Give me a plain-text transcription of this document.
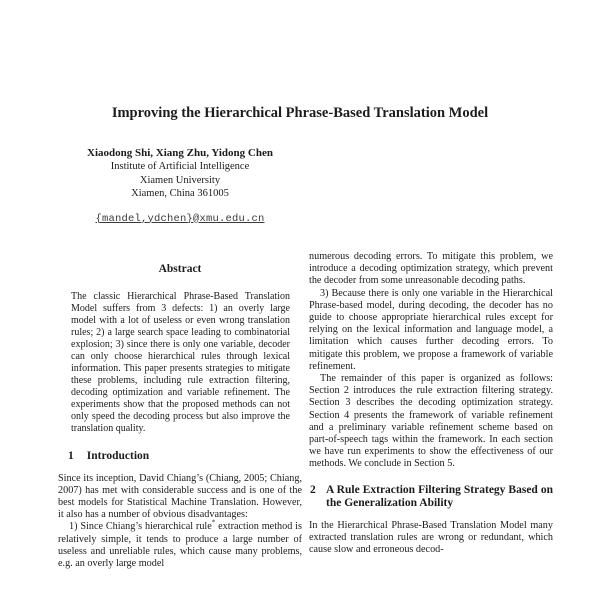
Improving the Hierarchical Phrase-Based Translation Model
Xiaodong Shi, Xiang Zhu, Yidong Chen
Institute of Artificial Intelligence
Xiamen University
Xiamen, China 361005
{mandel,ydchen}@xmu.edu.cn
Abstract

The classic Hierarchical Phrase-Based Translation Model suffers from 3 defects: 1) an overly large model with a lot of useless or even wrong translation rules; 2) a large search space leading to combinatorial explosion; 3) since there is only one variable, decoder can only choose hierarchical rules through lexical information. This paper presents strategies to mitigate these problems, including rule extraction filtering, decoding optimization and variable refinement. The experiments show that the proposed methods can not only speed the decoding process but also improve the translation quality.

1 Introduction

Since its inception, David Chiang’s (Chiang, 2005; Chiang, 2007) has met with considerable success and is one of the best models for Statistical Machine Translation. However, it also has a number of obvious disadvantages:

1) Since Chiang’s hierarchical rule* extraction method is relatively simple, it tends to produce a large number of useless and unreliable rules, which cause many problems, e.g. an overly large model

numerous decoding errors. To mitigate this problem, we introduce a decoding optimization strategy, which prevent the decoder from some unreasonable decoding paths.

3) Because there is only one variable in the Hierarchical Phrase-based model, during decoding, the decoder has no guide to choose appropriate hierarchical rules except for relying on the lexical information and language model, a limitation which causes further decoding errors. To mitigate this problem, we propose a framework of variable refinement.

The remainder of this paper is organized as follows: Section 2 introduces the rule extraction filtering strategy. Section 3 describes the decoding optimization strategy. Section 4 presents the framework of variable refinement and a preliminary variable refinement scheme based on part-of-speech tags within the framework. In each section we have run experiments to show the effectiveness of our methods. We conclude in Section 5.

2 A Rule Extraction Filtering Strategy Based on the Generalization Ability

In the Hierarchical Phrase-Based Translation Model many extracted translation rules are wrong or redundant, which cause slow and erroneous decod-
